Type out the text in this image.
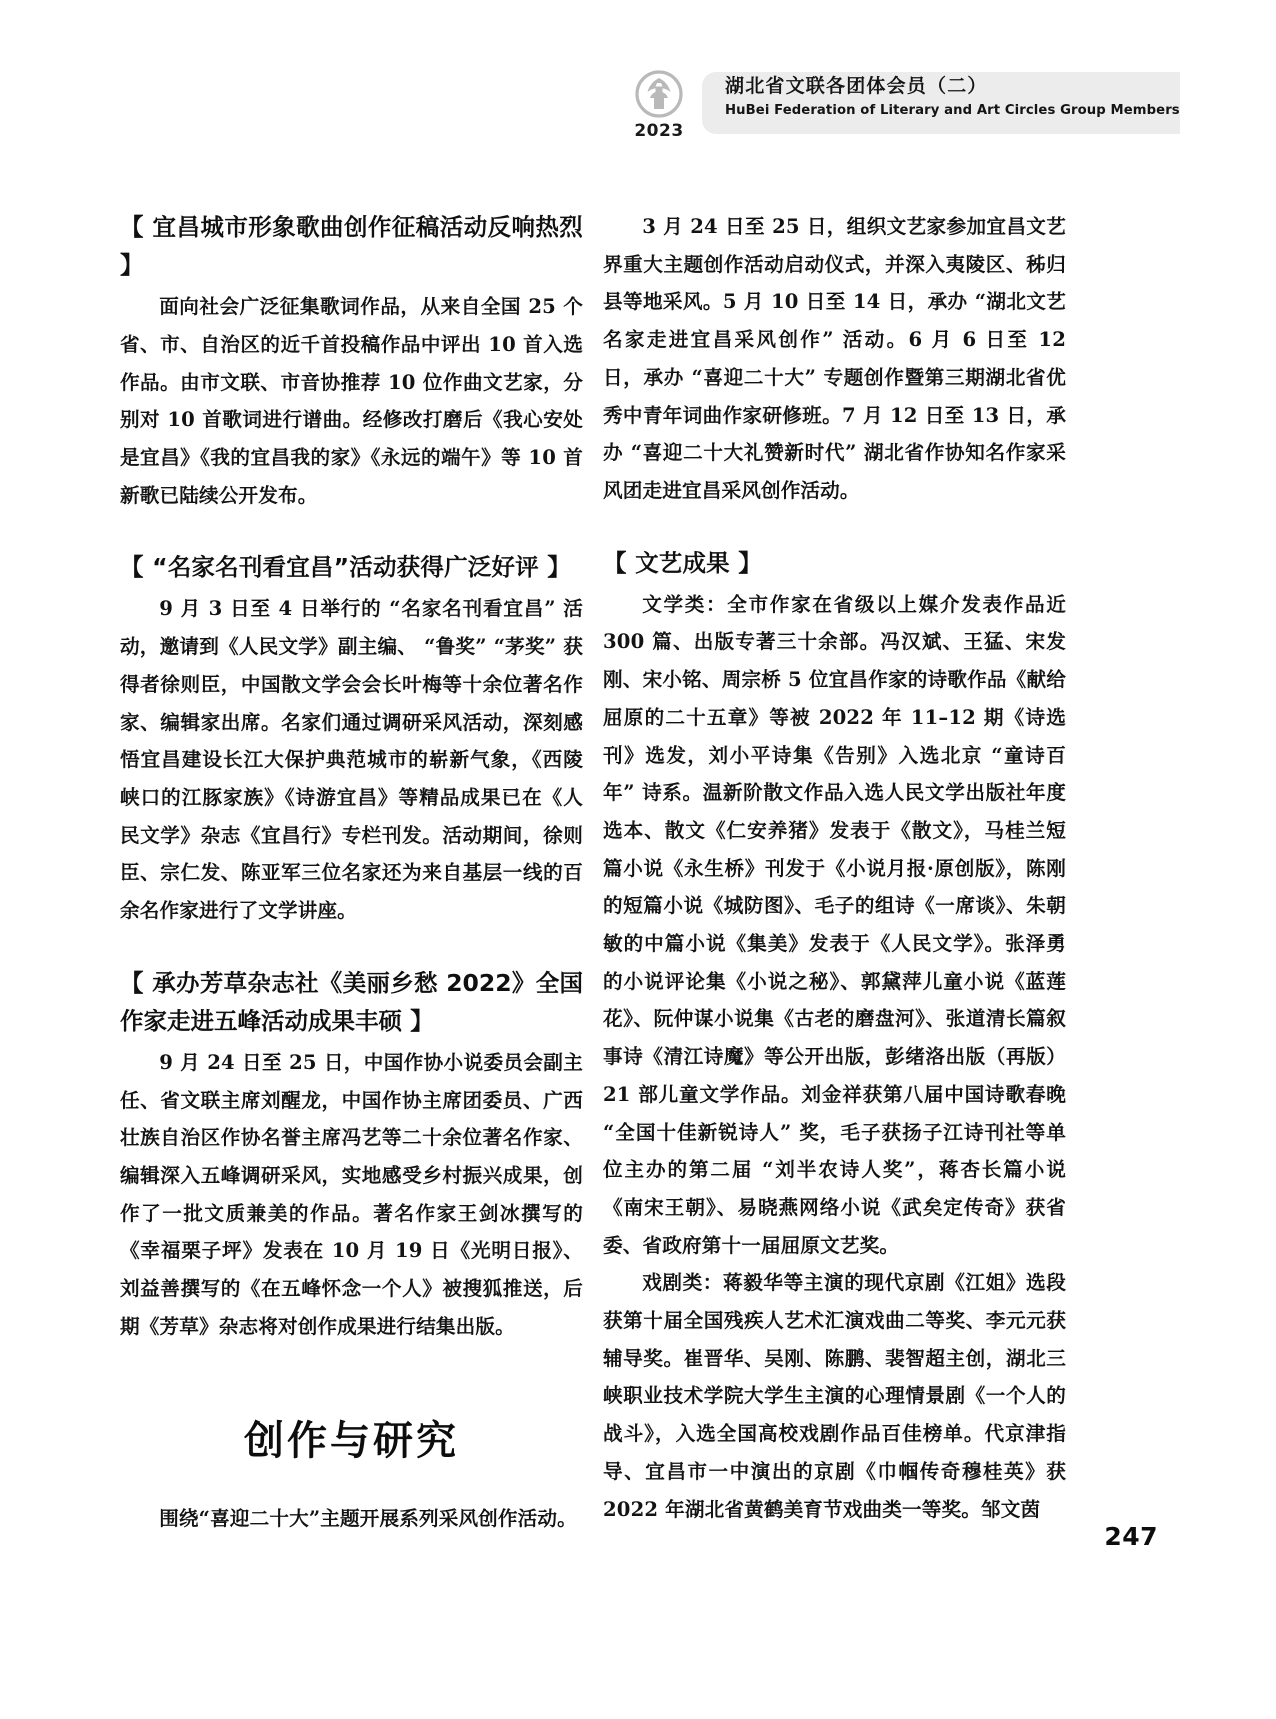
2023
湖北省文联各团体会员（二）
HuBei Federation of Literary and Art Circles Group Members
【 宜昌城市形象歌曲创作征稿活动反响热烈 】

面向社会广泛征集歌词作品，从来自全国 25 个省、市、自治区的近千首投稿作品中评出 10 首入选作品。由市文联、市音协推荐 10 位作曲文艺家，分别对 10 首歌词进行谱曲。经修改打磨后《我心安处是宜昌》《我的宜昌我的家》《永远的端午》等 10 首新歌已陆续公开发布。

【 “名家名刊看宜昌”活动获得广泛好评 】

9 月 3 日至 4 日举行的 “名家名刊看宜昌” 活动，邀请到《人民文学》副主编、 “鲁奖” “茅奖” 获得者徐则臣，中国散文学会会长叶梅等十余位著名作家、编辑家出席。名家们通过调研采风活动，深刻感悟宜昌建设长江大保护典范城市的崭新气象，《西陵峡口的江豚家族》《诗游宜昌》等精品成果已在《人民文学》杂志《宜昌行》专栏刊发。活动期间，徐则臣、宗仁发、陈亚军三位名家还为来自基层一线的百余名作家进行了文学讲座。

【 承办芳草杂志社《美丽乡愁 2022》全国作家走进五峰活动成果丰硕 】

9 月 24 日至 25 日，中国作协小说委员会副主任、省文联主席刘醒龙，中国作协主席团委员、广西壮族自治区作协名誉主席冯艺等二十余位著名作家、编辑深入五峰调研采风，实地感受乡村振兴成果，创作了一批文质兼美的作品。著名作家王剑冰撰写的《幸福栗子坪》发表在 10 月 19 日《光明日报》、刘益善撰写的《在五峰怀念一个人》被搜狐推送，后期《芳草》杂志将对创作成果进行结集出版。

创作与研究

围绕“喜迎二十大”主题开展系列采风创作活动。

3 月 24 日至 25 日，组织文艺家参加宜昌文艺界重大主题创作活动启动仪式，并深入夷陵区、秭归县等地采风。5 月 10 日至 14 日，承办 “湖北文艺名家走进宜昌采风创作” 活动。6 月 6 日至 12 日，承办 “喜迎二十大” 专题创作暨第三期湖北省优秀中青年词曲作家研修班。7 月 12 日至 13 日，承办 “喜迎二十大礼赞新时代” 湖北省作协知名作家采风团走进宜昌采风创作活动。

【 文艺成果 】

文学类：全市作家在省级以上媒介发表作品近 300 篇、出版专著三十余部。冯汉斌、王猛、宋发刚、宋小铭、周宗桥 5 位宜昌作家的诗歌作品《献给屈原的二十五章》等被 2022 年 11–12 期《诗选刊》选发，刘小平诗集《告别》入选北京 “童诗百年” 诗系。温新阶散文作品入选人民文学出版社年度选本、散文《仁安养猪》发表于《散文》，马桂兰短篇小说《永生桥》刊发于《小说月报·原创版》，陈刚的短篇小说《城防图》、毛子的组诗《一席谈》、朱朝敏的中篇小说《集美》发表于《人民文学》。张泽勇的小说评论集《小说之秘》、郭黛萍儿童小说《蓝莲花》、阮仲谋小说集《古老的磨盘河》、张道清长篇叙事诗《清江诗魔》等公开出版，彭绪洛出版（再版）21 部儿童文学作品。刘金祥获第八届中国诗歌春晚 “全国十佳新锐诗人” 奖，毛子获扬子江诗刊社等单位主办的第二届 “刘半农诗人奖”，蒋杏长篇小说《南宋王朝》、易晓燕网络小说《武矣定传奇》获省委、省政府第十一届屈原文艺奖。

戏剧类：蒋毅华等主演的现代京剧《江姐》选段获第十届全国残疾人艺术汇演戏曲二等奖、李元元获辅导奖。崔晋华、吴刚、陈鹏、裴智超主创，湖北三峡职业技术学院大学生主演的心理情景剧《一个人的战斗》，入选全国高校戏剧作品百佳榜单。代京津指导、宜昌市一中演出的京剧《巾帼传奇穆桂英》获 2022 年湖北省黄鹤美育节戏曲类一等奖。邹文茵

247
